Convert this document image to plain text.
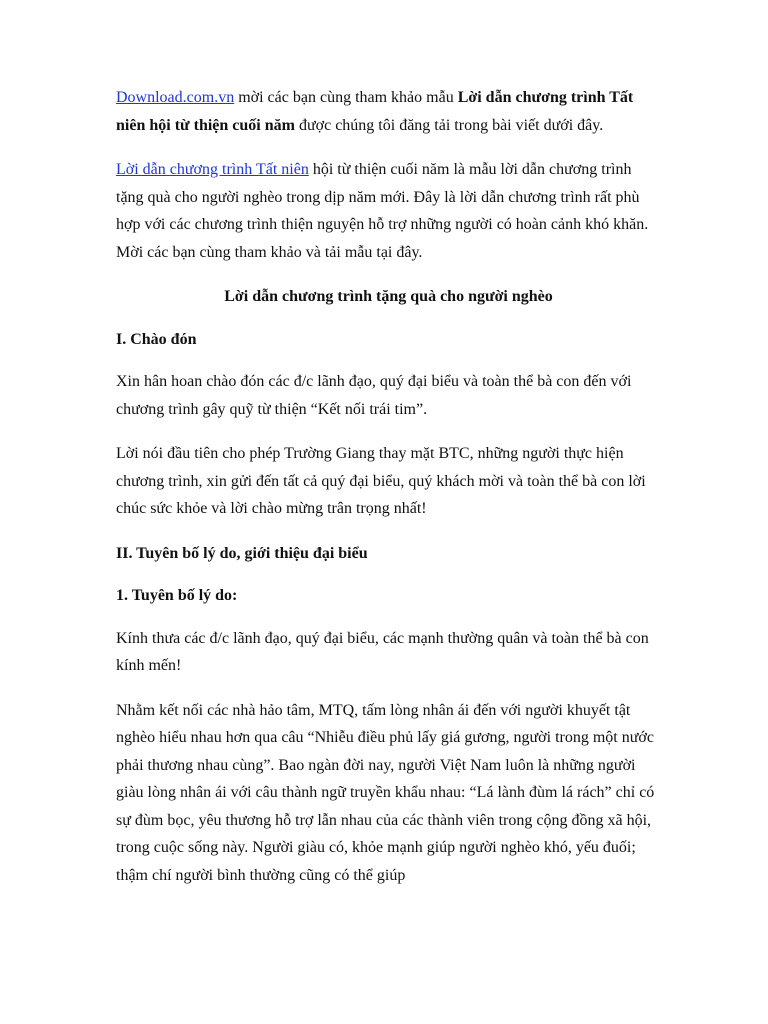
Download.com.vn mời các bạn cùng tham khảo mẫu Lời dẫn chương trình Tất niên hội từ thiện cuối năm được chúng tôi đăng tải trong bài viết dưới đây.

Lời dẫn chương trình Tất niên hội từ thiện cuối năm là mẫu lời dẫn chương trình tặng quà cho người nghèo trong dịp năm mới. Đây là lời dẫn chương trình rất phù hợp với các chương trình thiện nguyện hỗ trợ những người có hoàn cảnh khó khăn. Mời các bạn cùng tham khảo và tải mẫu tại đây.

Lời dẫn chương trình tặng quà cho người nghèo

I. Chào đón

Xin hân hoan chào đón các đ/c lãnh đạo, quý đại biểu và toàn thể bà con đến với chương trình gây quỹ từ thiện “Kết nối trái tim”.

Lời nói đầu tiên cho phép Trường Giang thay mặt BTC, những người thực hiện chương trình, xin gửi đến tất cả quý đại biểu, quý khách mời và toàn thể bà con lời chúc sức khỏe và lời chào mừng trân trọng nhất!

II. Tuyên bố lý do, giới thiệu đại biểu

1. Tuyên bố lý do:

Kính thưa các đ/c lãnh đạo, quý đại biểu, các mạnh thường quân và toàn thể bà con kính mến!

Nhằm kết nối các nhà hảo tâm, MTQ, tấm lòng nhân ái đến với người khuyết tật nghèo hiểu nhau hơn qua câu “Nhiễu điều phủ lấy giá gương, người trong một nước phải thương nhau cùng”. Bao ngàn đời nay, người Việt Nam luôn là những người giàu lòng nhân ái với câu thành ngữ truyền khẩu nhau: “Lá lành đùm lá rách” chỉ có sự đùm bọc, yêu thương hỗ trợ lẫn nhau của các thành viên trong cộng đồng xã hội, trong cuộc sống này. Người giàu có, khỏe mạnh giúp người nghèo khó, yếu đuối; thậm chí người bình thường cũng có thể giúp
